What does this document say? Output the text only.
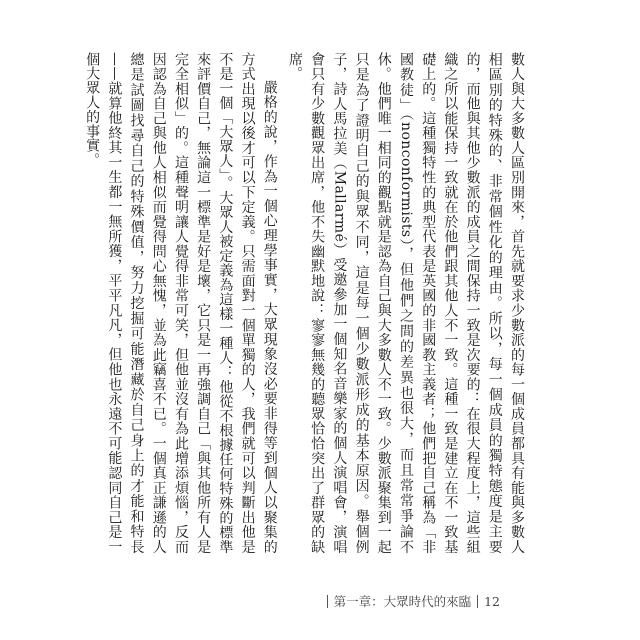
數人與大多數人區別開來，首先就要求少數派的每一個成員都具有能與多數人相區別的特殊的、非常個性化的理由。所以，每一個成員的獨特態度是主要的，而他與其他少數派的成員之間保持一致是次要的：在很大程度上，這些組織之所以能保持一致就在於他們跟其他人不一致。這種一致是建立在不一致基礎上的。這種獨特性的典型代表是英國的非國教主義者；他們把自己稱為「非國教徒」（nonconformists），但他們之間的差異也很大，而且常常爭論不休。他們唯一相同的觀點就是認為自己與大多數人不一致。少數派聚集到一起只是為了證明自己的與眾不同，這是每一個少數派形成的基本原因。舉個例子，詩人馬拉美（Mallarmé）受邀參加一個知名音樂家的個人演唱會，演唱會只有少數觀眾出席，他不失幽默地說：寥寥無幾的聽眾恰恰突出了群眾的缺席。

嚴格的說，作為一個心理學事實，大眾現象沒必要非得等到個人以聚集的方式出現以後才可以下定義。只需面對一個單獨的人，我們就可以判斷出他是不是一個「大眾人」。大眾人被定義為這樣一種人：他從不根據任何特殊的標準來評價自己，無論這一標準是好是壞，它只是一再強調自己「與其他所有人是完全相似」的。這種聲明讓人覺得非常可笑，但他並沒有為此增添煩惱，反而因認為自己與他人相似而覺得問心無愧，並為此竊喜不已。一個真正謙遜的人總是試圖找尋自己的特殊價值，努力挖掘可能潛藏於自己身上的才能和特長——就算他終其一生都一無所獲，平平凡凡，但他也永遠不可能認同自己是一個大眾人的事實。

第一章：大眾時代的來臨 12
